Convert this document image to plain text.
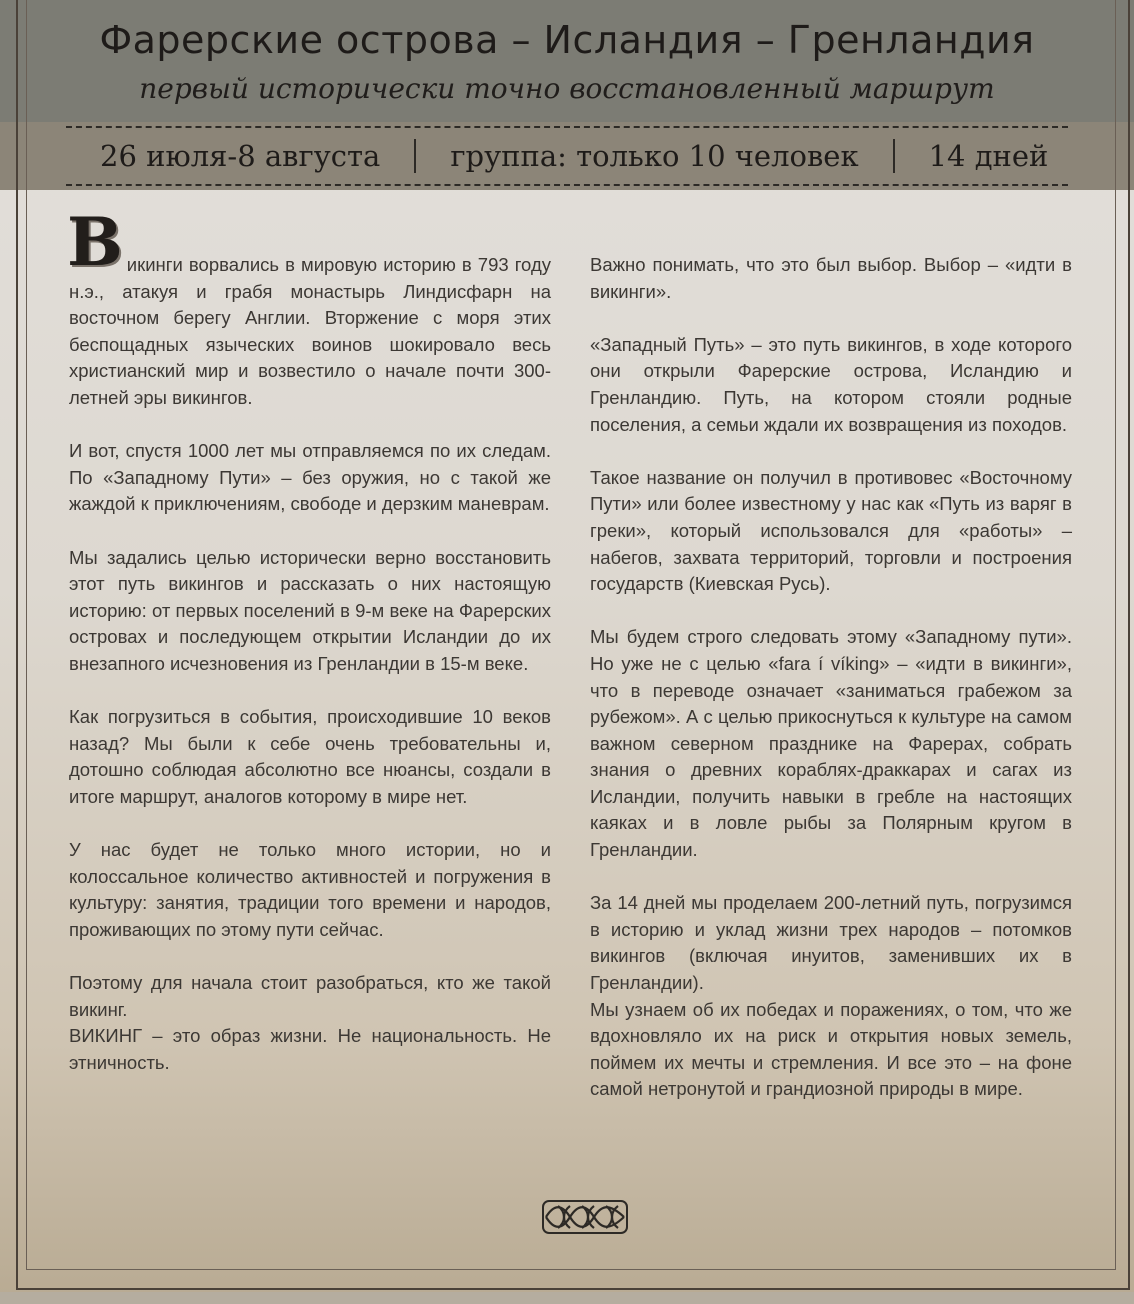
Фарерские острова – Исландия – Гренландия
первый исторически точно восстановленный маршрут
26 июля-8 августа	группа: только 10 человек	14 дней

Викинги ворвались в мировую историю в 793 году н.э., атакуя и грабя монастырь Линдисфарн на восточном берегу Англии. Вторжение с моря этих беспощадных языческих воинов шокировало весь христианский мир и возвестило о начале почти 300-летней эры викингов.

И вот, спустя 1000 лет мы отправляемся по их следам. По «Западному Пути» – без оружия, но с такой же жаждой к приключениям, свободе и дерзким маневрам.

Мы задались целью исторически верно восстановить этот путь викингов и рассказать о них настоящую историю: от первых поселений в 9-м веке на Фарерских островах и последующем открытии Исландии до их внезапного исчезновения из Гренландии в 15-м веке.

Как погрузиться в события, происходившие 10 веков назад? Мы были к себе очень требовательны и, дотошно соблюдая абсолютно все нюансы, создали в итоге маршрут, аналогов которому в мире нет.

У нас будет не только много истории, но и колоссальное количество активностей и погружения в культуру: занятия, традиции того времени и народов, проживающих по этому пути сейчас.

Поэтому для начала стоит разобраться, кто же такой викинг.

ВИКИНГ – это образ жизни. Не национальность. Не этничность.

Важно понимать, что это был выбор. Выбор – «идти в викинги».

«Западный Путь» – это путь викингов, в ходе которого они открыли Фарерские острова, Исландию и Гренландию. Путь, на котором стояли родные поселения, а семьи ждали их возвращения из походов.

Такое название он получил в противовес «Восточному Пути» или более известному у нас как «Путь из варяг в греки», который использовался для «работы» – набегов, захвата территорий, торговли и построения государств (Киевская Русь).

Мы будем строго следовать этому «Западному пути». Но уже не с целью «fara í víking» – «идти в викинги», что в переводе означает «заниматься грабежом за рубежом». А с целью прикоснуться к культуре на самом важном северном празднике на Фарерах, собрать знания о древних кораблях-драккарах и сагах из Исландии, получить навыки в гребле на настоящих каяках и в ловле рыбы за Полярным кругом в Гренландии.

За 14 дней мы проделаем 200-летний путь, погрузимся в историю и уклад жизни трех народов – потомков викингов (включая инуитов, заменивших их в Гренландии).

Мы узнаем об их победах и поражениях, о том, что же вдохновляло их на риск и открытия новых земель, поймем их мечты и стремления. И все это – на фоне самой нетронутой и грандиозной природы в мире.
